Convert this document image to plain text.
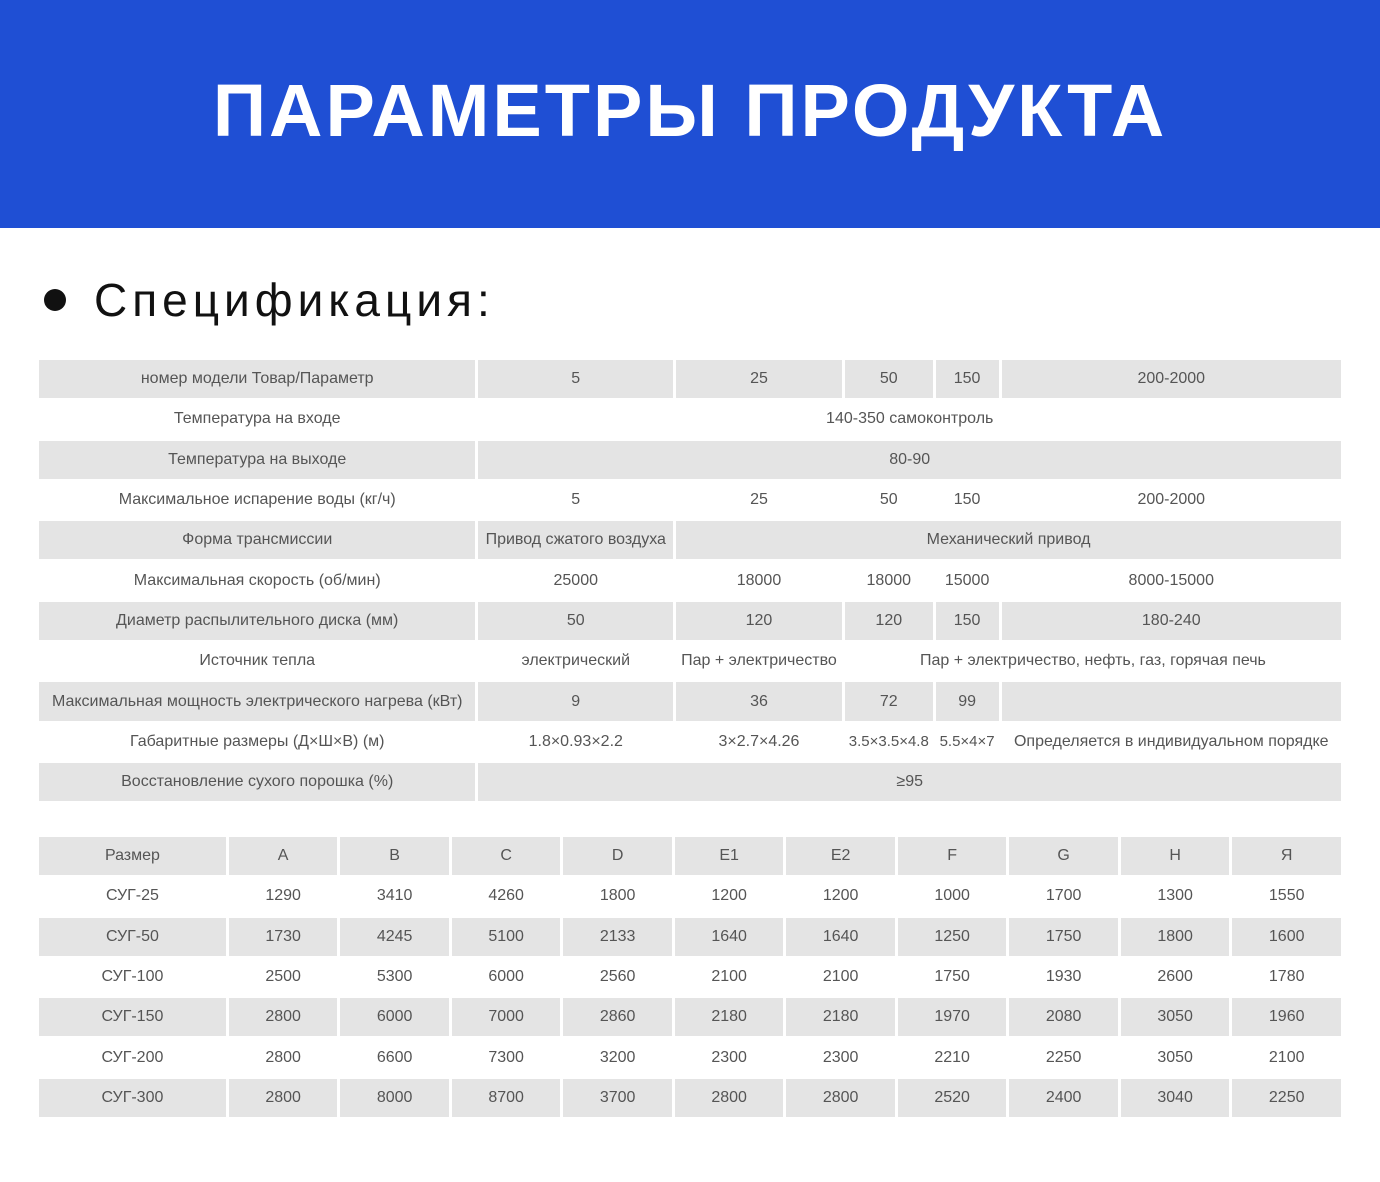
ПАРАМЕТРЫ ПРОДУКТА
Спецификация:
номер модели Товар/Параметр	5	25	50	150	200-2000
Температура на входе	140-350 самоконтроль				
Температура на выходе	80-90				
Максимальное испарение воды (кг/ч)	5	25	50	150	200-2000
Форма трансмиссии	Привод сжатого воздуха	Механический привод			
Максимальная скорость (об/мин)	25000	18000	18000	15000	8000-15000
Диаметр распылительного диска (мм)	50	120	120	150	180-240
Источник тепла	электрический	Пар + электричество	Пар + электричество, нефть, газ, горячая печь		
Максимальная мощность электрического нагрева (кВт)	9	36	72	99	
Габаритные размеры (Д×Ш×В) (м)	1.8×0.93×2.2	3×2.7×4.26	3.5×3.5×4.8	5.5×4×7	Определяется в индивидуальном порядке
Восстановление сухого порошка (%)	≥95				
Размер	A	B	C	D	E1	E2	F	G	H	Я
СУГ-25	1290	3410	4260	1800	1200	1200	1000	1700	1300	1550
СУГ-50	1730	4245	5100	2133	1640	1640	1250	1750	1800	1600
СУГ-100	2500	5300	6000	2560	2100	2100	1750	1930	2600	1780
СУГ-150	2800	6000	7000	2860	2180	2180	1970	2080	3050	1960
СУГ-200	2800	6600	7300	3200	2300	2300	2210	2250	3050	2100
СУГ-300	2800	8000	8700	3700	2800	2800	2520	2400	3040	2250
